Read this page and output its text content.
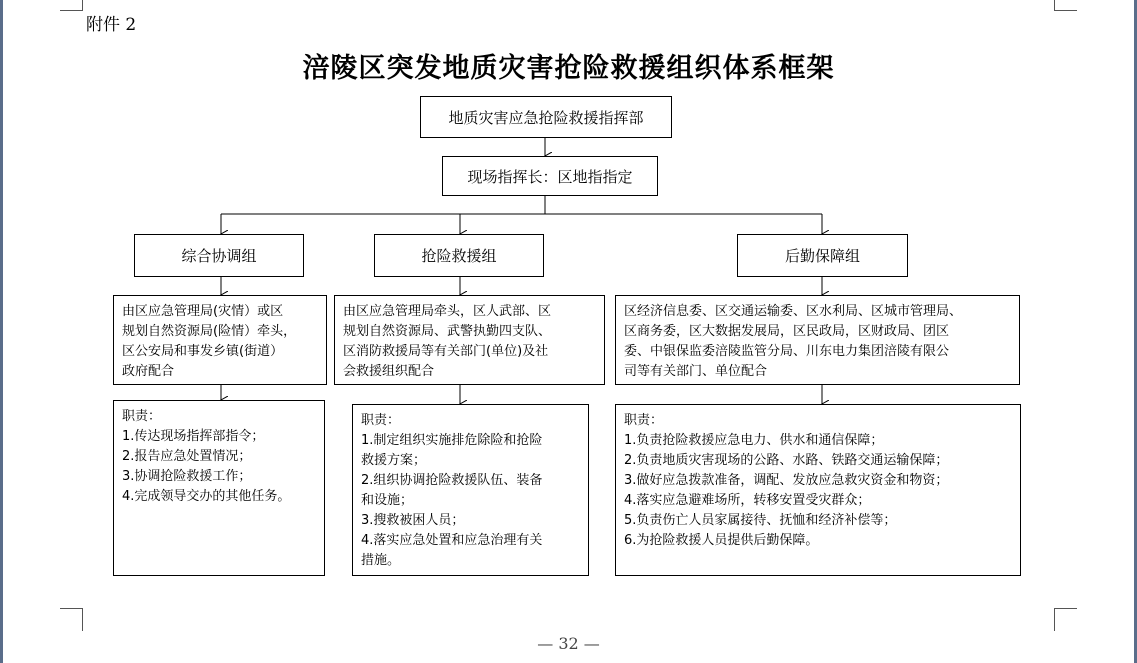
附件 2
涪陵区突发地质灾害抢险救援组织体系框架
地质灾害应急抢险救援指挥部
现场指挥长：区地指指定
综合协调组	抢险救援组	后勤保障组
由区应急管理局(灾情）或区
规划自然资源局(险情）牵头，
区公安局和事发乡镇(街道）
政府配合
由区应急管理局牵头，区人武部、区
规划自然资源局、武警执勤四支队、
区消防救援局等有关部门(单位)及社
会救援组织配合
区经济信息委、区交通运输委、区水利局、区城市管理局、
区商务委，区大数据发展局，区民政局，区财政局、团区
委、中银保监委涪陵监管分局、川东电力集团涪陵有限公
司等有关部门、单位配合
职责：
1.传达现场指挥部指令；
2.报告应急处置情况；
3.协调抢险救援工作；
4.完成领导交办的其他任务。
职责：
1.制定组织实施排危除险和抢险
救援方案；
2.组织协调抢险救援队伍、装备
和设施；
3.搜救被困人员；
4.落实应急处置和应急治理有关
措施。
职责：
1.负责抢险救援应急电力、供水和通信保障；
2.负责地质灾害现场的公路、水路、铁路交通运输保障；
3.做好应急拨款准备，调配、发放应急救灾资金和物资；
4.落实应急避难场所，转移安置受灾群众；
5.负责伤亡人员家属接待、抚恤和经济补偿等；
6.为抢险救援人员提供后勤保障。
— 32 —
